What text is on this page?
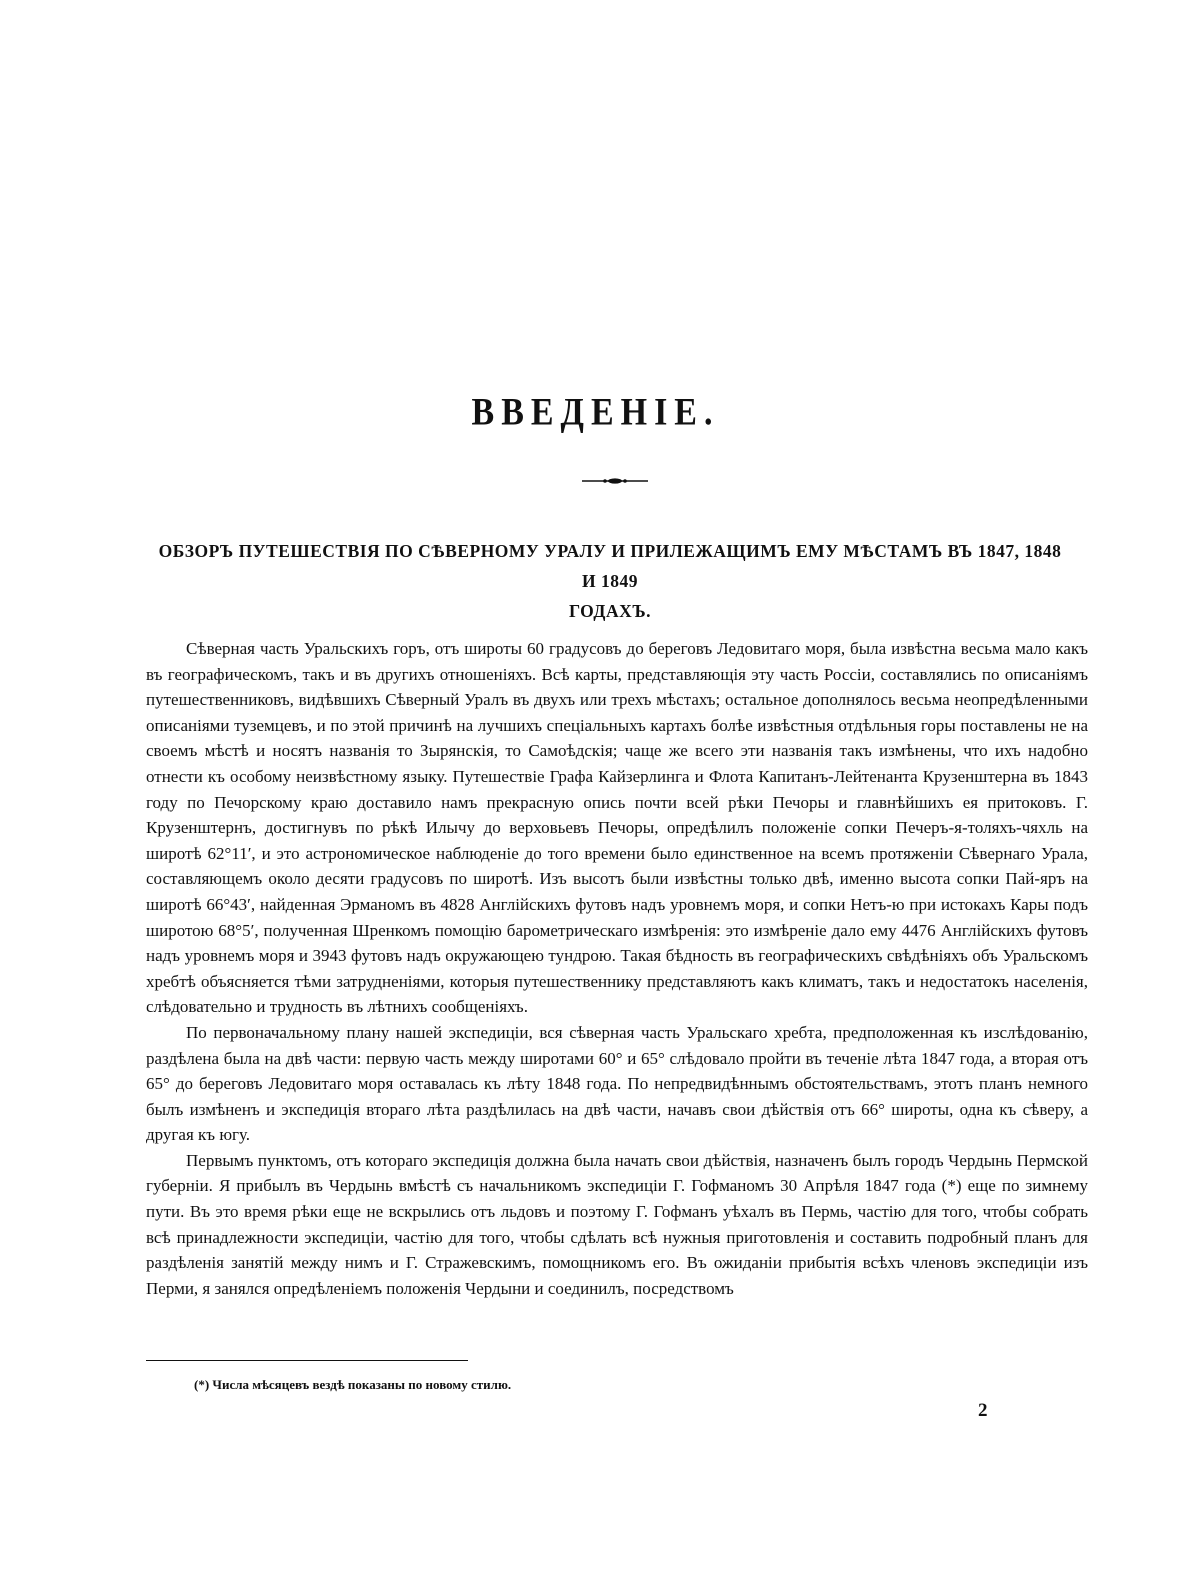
ВВЕДЕНІЕ.
ОБЗОРЪ ПУТЕШЕСТВІЯ ПО СѢВЕРНОМУ УРАЛУ И ПРИЛЕЖАЩИМЪ ЕМУ МѢСТАМЪ ВЪ 1847, 1848 И 1849
ГОДАХЪ.

Сѣверная часть Уральскихъ горъ, отъ широты 60 градусовъ до береговъ Ледовитаго моря, была извѣстна весьма мало какъ въ географическомъ, такъ и въ другихъ отношеніяхъ. Всѣ карты, представляющія эту часть Россіи, составлялись по описаніямъ путешественниковъ, видѣвшихъ Сѣверный Уралъ въ двухъ или трехъ мѣстахъ; остальное дополнялось весьма неопредѣленными описаніями туземцевъ, и по этой причинѣ на лучшихъ спеціальныхъ картахъ болѣе извѣстныя отдѣльныя горы поставлены не на своемъ мѣстѣ и носятъ названія то Зырянскія, то Самоѣдскія; чаще же всего эти названія такъ измѣнены, что ихъ надобно отнести къ особому неизвѣстному языку. Путешествіе Графа Кайзерлинга и Флота Капитанъ-Лейтенанта Крузенштерна въ 1843 году по Печорскому краю доставило намъ прекрасную опись почти всей рѣки Печоры и главнѣйшихъ ея притоковъ. Г. Крузенштернъ, достигнувъ по рѣкѣ Илычу до верховьевъ Печоры, опредѣлилъ положеніе сопки Печеръ-я-толяхъ-чяхль на широтѣ 62°11′, и это астрономическое наблюденіе до того времени было единственное на всемъ протяженіи Сѣвернаго Урала, составляющемъ около десяти градусовъ по широтѣ. Изъ высотъ были извѣстны только двѣ, именно высота сопки Пай-яръ на широтѣ 66°43′, найденная Эрманомъ въ 4828 Англійскихъ футовъ надъ уровнемъ моря, и сопки Нетъ-ю при истокахъ Кары подъ широтою 68°5′, полученная Шренкомъ помощію барометрическаго измѣренія: это измѣреніе дало ему 4476 Англійскихъ футовъ надъ уровнемъ моря и 3943 футовъ надъ окружающею тундрою. Такая бѣдность въ географическихъ свѣдѣніяхъ объ Уральскомъ хребтѣ объясняется тѣми затрудненіями, которыя путешественнику представляютъ какъ климатъ, такъ и недостатокъ населенія, слѣдовательно и трудность въ лѣтнихъ сообщеніяхъ.

По первоначальному плану нашей экспедиціи, вся сѣверная часть Уральскаго хребта, предположенная къ изслѣдованію, раздѣлена была на двѣ части: первую часть между широтами 60° и 65° слѣдовало пройти въ теченіе лѣта 1847 года, а вторая отъ 65° до береговъ Ледовитаго моря оставалась къ лѣту 1848 года. По непредвидѣннымъ обстоятельствамъ, этотъ планъ немного былъ измѣненъ и экспедиція втораго лѣта раздѣлилась на двѣ части, начавъ свои дѣйствія отъ 66° широты, одна къ сѣверу, а другая къ югу.

Первымъ пунктомъ, отъ котораго экспедиція должна была начать свои дѣйствія, назначенъ былъ городъ Чердынь Пермской губерніи. Я прибылъ въ Чердынь вмѣстѣ съ начальникомъ экспедиціи Г. Гофманомъ 30 Апрѣля 1847 года (*) еще по зимнему пути. Въ это время рѣки еще не вскрылись отъ льдовъ и поэтому Г. Гофманъ уѣхалъ въ Пермь, частію для того, чтобы собрать всѣ принадлежности экспедиціи, частію для того, чтобы сдѣлать всѣ нужныя приготовленія и составить подробный планъ для раздѣленія занятій между нимъ и Г. Стражевскимъ, помощникомъ его. Въ ожиданіи прибытія всѣхъ членовъ экспедиціи изъ Перми, я занялся опредѣленіемъ положенія Чердыни и соединилъ, посредствомъ

(*) Числа мѣсяцевъ вездѣ показаны по новому стилю.
2
